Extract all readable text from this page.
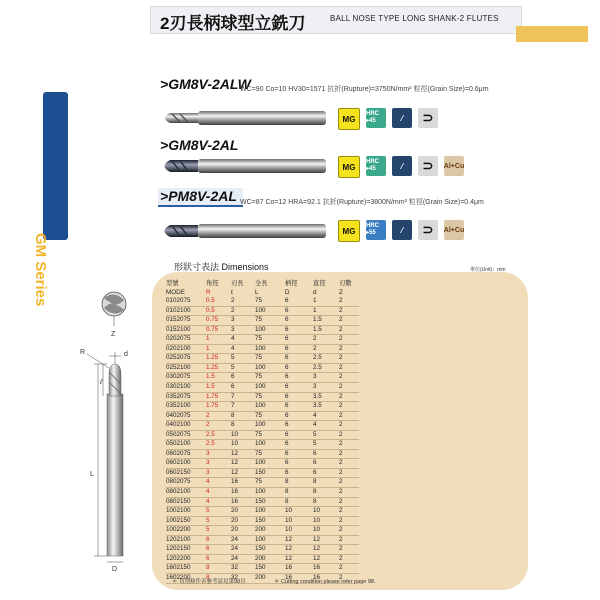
2刃長柄球型立銑刀	BALL NOSE TYPE LONG SHANK-2 FLUTES
GM Series PM Series
>GM8V-2ALW
WC=90 Co=10 HV30=1571 抗折(Rupture)=3750N/mm² 粒徑(Grain Size)=0.6μm
MG
HRC ▸45	⁄	⊃
>GM8V-2AL
MG
HRC ▸45	⁄	⊃	Al+Cu
>PM8V-2AL WC=87 Co=12 HRA=92.1 抗折(Rupture)=3800N/mm² 粒徑(Grain Size)=0.4μm
MG
HRC ▸55	⁄	⊃	Al+Cu
形狀寸表法 Dimensions	單位(Unit)：mm
型號	角徑	刃長	全長	柄徑	直徑	刃數
MODE	R	ℓ	L	D	d	Z
0102075	0.5	2	75	6	1	2
0102100	0.5	2	100	6	1	2
0152075	0.75	3	75	6	1.5	2
0152100	0.75	3	100	6	1.5	2
0202075	1	4	75	6	2	2
0202100	1	4	100	6	2	2
0252075	1.25	5	75	6	2.5	2
0252100	1.25	5	100	6	2.5	2
0302075	1.5	6	75	6	3	2
0302100	1.5	6	100	6	3	2
0352075	1.75	7	75	6	3.5	2
0352100	1.75	7	100	6	3.5	2
0402075	2	8	75	6	4	2
0402100	2	8	100	6	4	2
0502075	2.5	10	75	6	5	2
0502100	2.5	10	100	6	5	2
0602075	3	12	75	6	6	2
0602100	3	12	100	6	6	2
0602150	3	12	150	6	6	2
0802075	4	16	75	8	8	2
0802100	4	16	100	8	8	2
0802150	4	16	150	8	8	2
1002100	5	20	100	10	10	2
1002150	5	20	150	10	10	2
1002200	5	20	200	10	10	2
1202100	6	24	100	12	12	2
1202150	6	24	150	12	12	2
1202200	6	24	200	12	12	2
1602150	8	32	150	16	16	2
1602200	8	32	200	16	16	2
Z
R	d
ℓ
L
D
＊ 切削條件表參考請見第98頁	＊ Cutting condition please refer page 98.
